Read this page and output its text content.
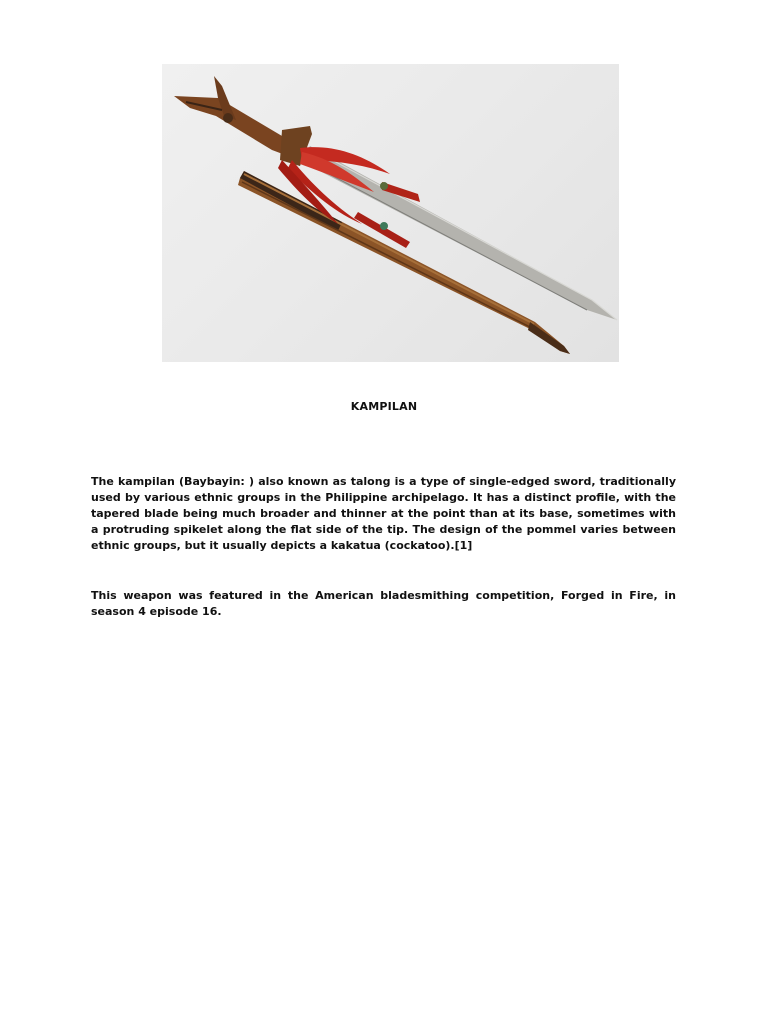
KAMPILAN

The kampilan (Baybayin: ) also known as talong is a type of single-edged sword, traditionally used by various ethnic groups in the Philippine archipelago. It has a distinct profile, with the tapered blade being much broader and thinner at the point than at its base, sometimes with a protruding spikelet along the flat side of the tip. The design of the pommel varies between ethnic groups, but it usually depicts a kakatua (cockatoo).[1]

This weapon was featured in the American bladesmithing competition, Forged in Fire, in season 4 episode 16.
